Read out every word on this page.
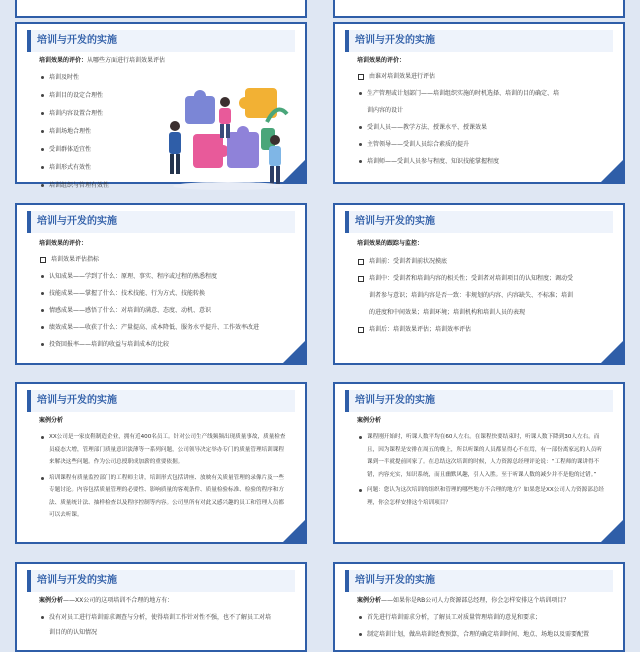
培训与开发的实施
培训效果的评价：从哪些方面进行培训效果评估
培训及时性
培训目的设定合理性
培训内容设置合理性
培训场地合理性
受训群体适宜性
培训形式有效性
培训组织与管理有效性
培训与开发的实施
培训效果的评价：
由谁对培训效果进行评估
生产管理或计划部门——培训组织实施的时机选择、培训的目的确定、培
训内容的设计
受训人员——教学方法、授课水平、授课效果
主管领导——受训人员综合素质的提升
培训师——受训人员参与程度、知识技能掌握程度
培训与开发的实施
培训效果的评价：
培训效果评估指标
认知成果——学到了什么：原理、事实、程序或过程的熟悉程度
技能成果——掌握了什么：技术技能、行为方式、技能转换
情感成果——感悟了什么：对培训的满意、态度、动机、意识
绩效成果——收获了什么：产量提高、成本降低、服务水平提升、工作效率改进
投资回报率——培训的收益与培训成本的比较
培训与开发的实施
培训效果的跟踪与监控：
培训前：受训者训前状况摸底
培训中：受训者和培训内容的相关性；受训者对培训项目的认知程度；调动受
训者参与意识；培训内容是否一致：非规划的内容、内容缺失、不标准；培训
的进度和中间效果；培训环境；培训机构和培训人员的表现
培训后：培训效果评估；培训效率评估
培训与开发的实施
案例分析
XX公司是一家皮鞋制造企业，拥有近400名员工。针对公司生产线频频出现质量事故，质量检查员疲态大增，管理部门质量意识淡薄等一系列问题，公司领导决定举办专门的质量管理培训课程来解决这些问题。作为公司总授职成加薪的重要依据。
培训课程有质量监控部门的工程师主讲，培训形式包括讲座、放映有关质量管理的录像片及一些专题讨论。内容包括质量管理的必要性、影响质量的客观条件、质量检验标准、检验的程序和方法、质量统计法、抽样检查以及程序控制等内容。公司里所有对此又感兴趣的员工和管理人员都可以去听课。
培训与开发的实施
案例分析
课程刚开始时，听课人数平均在60人左右。在课程快要结束时，听课人数下降到30人左右。而且，因为课程是安排在周五的晚上，所以听课的人员都显得心不在焉，有一部份离家远的人员听课到一半就提前回家了。在总结这次培训的时候，人力资源总经理评论说：“工程师的课讲得不错，内容充实，知识系统，而且幽默风趣，引人入胜。至于听课人数的减少并不是他的过错。”
问题：您认为这次培训的组织和管理的哪些地方不合理的地方？如果您是XX公司人力资源部总经理，你会怎样安排这个培训项目？
培训与开发的实施
案例分析——XX公司的这项培训不合理的地方有：
没有对员工进行培训需求调查与分析，使得培训工作针对性不强，也不了解员工对培
训目的的认知情况
培训与开发的实施
案例分析——如果你是RB公司人力资源部总经理，你会怎样安排这个培训项目？
首先进行培训需求分析，了解员工对质量管理培训的意见和要求；
制定培训计划，做出培训经费预算，合理的确定培训时间、地点、场地以及需要配置
